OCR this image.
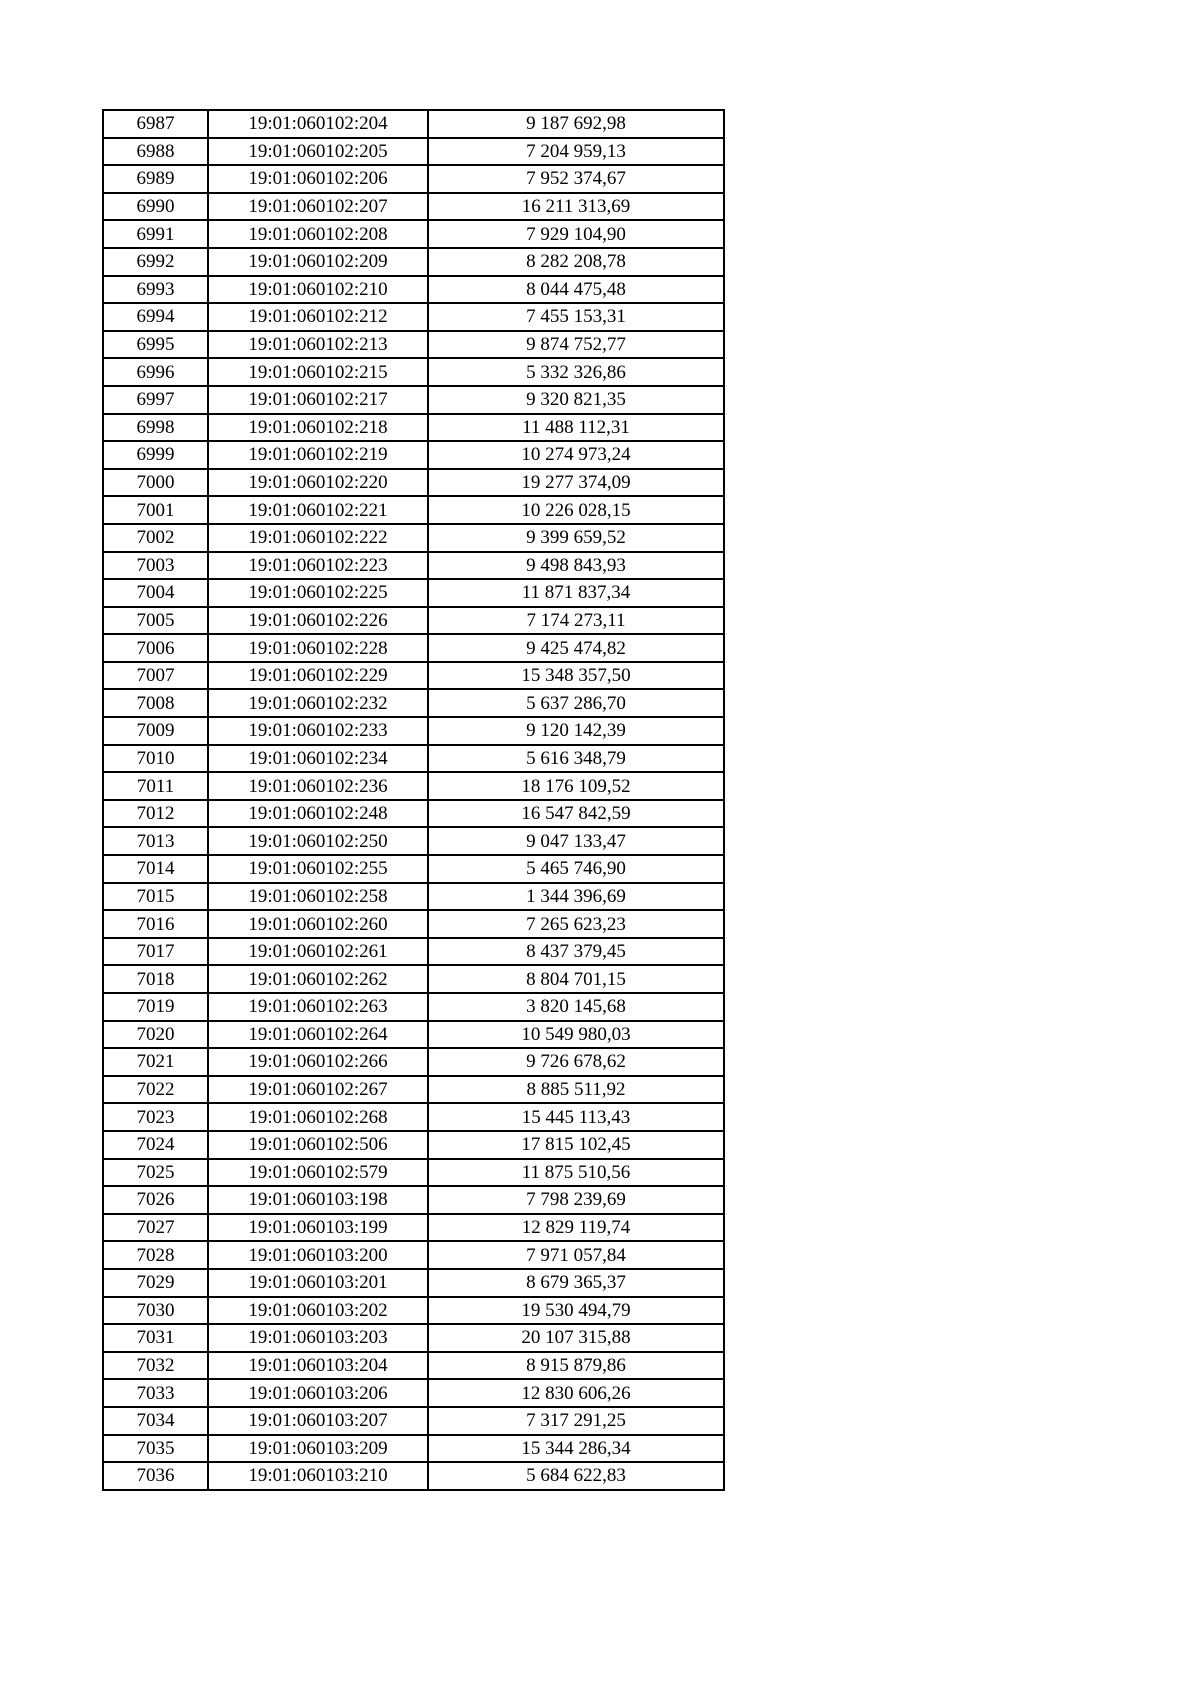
6987	19:01:060102:204	9 187 692,98
6988	19:01:060102:205	7 204 959,13
6989	19:01:060102:206	7 952 374,67
6990	19:01:060102:207	16 211 313,69
6991	19:01:060102:208	7 929 104,90
6992	19:01:060102:209	8 282 208,78
6993	19:01:060102:210	8 044 475,48
6994	19:01:060102:212	7 455 153,31
6995	19:01:060102:213	9 874 752,77
6996	19:01:060102:215	5 332 326,86
6997	19:01:060102:217	9 320 821,35
6998	19:01:060102:218	11 488 112,31
6999	19:01:060102:219	10 274 973,24
7000	19:01:060102:220	19 277 374,09
7001	19:01:060102:221	10 226 028,15
7002	19:01:060102:222	9 399 659,52
7003	19:01:060102:223	9 498 843,93
7004	19:01:060102:225	11 871 837,34
7005	19:01:060102:226	7 174 273,11
7006	19:01:060102:228	9 425 474,82
7007	19:01:060102:229	15 348 357,50
7008	19:01:060102:232	5 637 286,70
7009	19:01:060102:233	9 120 142,39
7010	19:01:060102:234	5 616 348,79
7011	19:01:060102:236	18 176 109,52
7012	19:01:060102:248	16 547 842,59
7013	19:01:060102:250	9 047 133,47
7014	19:01:060102:255	5 465 746,90
7015	19:01:060102:258	1 344 396,69
7016	19:01:060102:260	7 265 623,23
7017	19:01:060102:261	8 437 379,45
7018	19:01:060102:262	8 804 701,15
7019	19:01:060102:263	3 820 145,68
7020	19:01:060102:264	10 549 980,03
7021	19:01:060102:266	9 726 678,62
7022	19:01:060102:267	8 885 511,92
7023	19:01:060102:268	15 445 113,43
7024	19:01:060102:506	17 815 102,45
7025	19:01:060102:579	11 875 510,56
7026	19:01:060103:198	7 798 239,69
7027	19:01:060103:199	12 829 119,74
7028	19:01:060103:200	7 971 057,84
7029	19:01:060103:201	8 679 365,37
7030	19:01:060103:202	19 530 494,79
7031	19:01:060103:203	20 107 315,88
7032	19:01:060103:204	8 915 879,86
7033	19:01:060103:206	12 830 606,26
7034	19:01:060103:207	7 317 291,25
7035	19:01:060103:209	15 344 286,34
7036	19:01:060103:210	5 684 622,83
